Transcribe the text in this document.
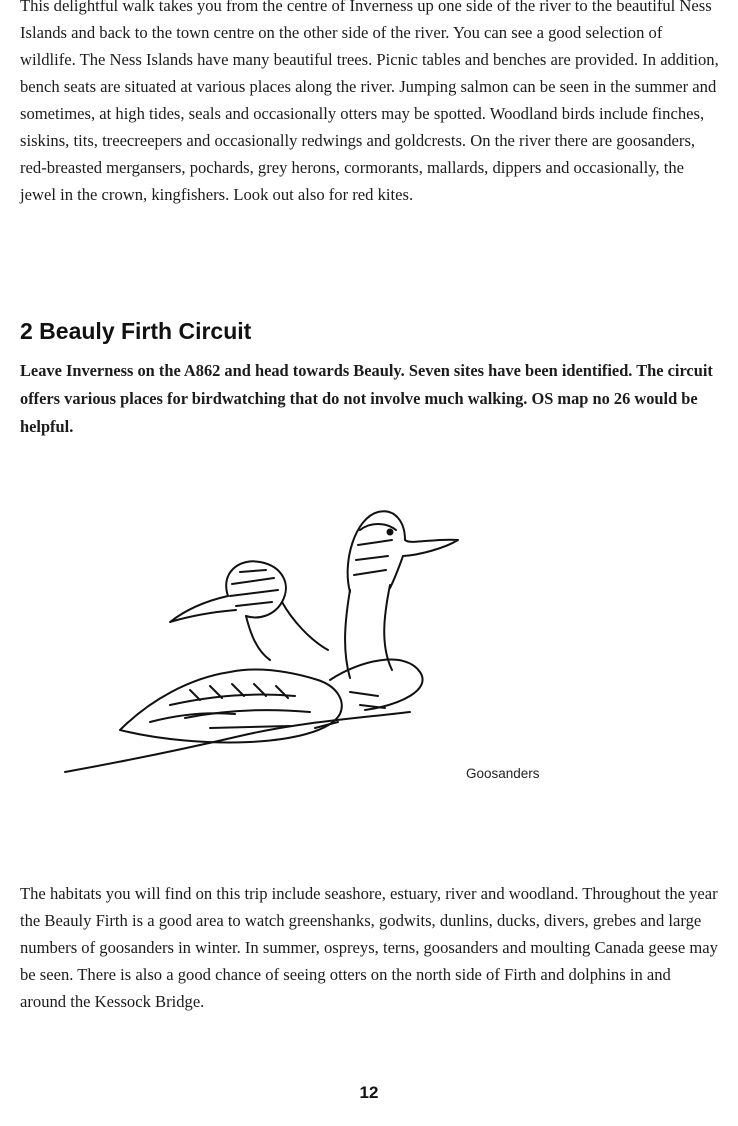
This delightful walk takes you from the centre of Inverness up one side of the river to the beautiful Ness Islands and back to the town centre on the other side of the river. You can see a good selection of wildlife. The Ness Islands have many beautiful trees. Picnic tables and benches are provided. In addition, bench seats are situated at various places along the river. Jumping salmon can be seen in the summer and sometimes, at high tides, seals and occasionally otters may be spotted. Woodland birds include finches, siskins, tits, treecreepers and occasionally redwings and goldcrests. On the river there are goosanders, red-breasted mergansers, pochards, grey herons, cormorants, mallards, dippers and occasionally, the jewel in the crown, kingfishers. Look out also for red kites.

2 Beauly Firth Circuit

Leave Inverness on the A862 and head towards Beauly. Seven sites have been identified. The circuit offers various places for birdwatching that do not involve much walking. OS map no 26 would be helpful.

Goosanders

The habitats you will find on this trip include seashore, estuary, river and woodland. Throughout the year the Beauly Firth is a good area to watch greenshanks, godwits, dunlins, ducks, divers, grebes and large numbers of goosanders in winter. In summer, ospreys, terns, goosanders and moulting Canada geese may be seen. There is also a good chance of seeing otters on the north side of Firth and dolphins in and around the Kessock Bridge.

12
